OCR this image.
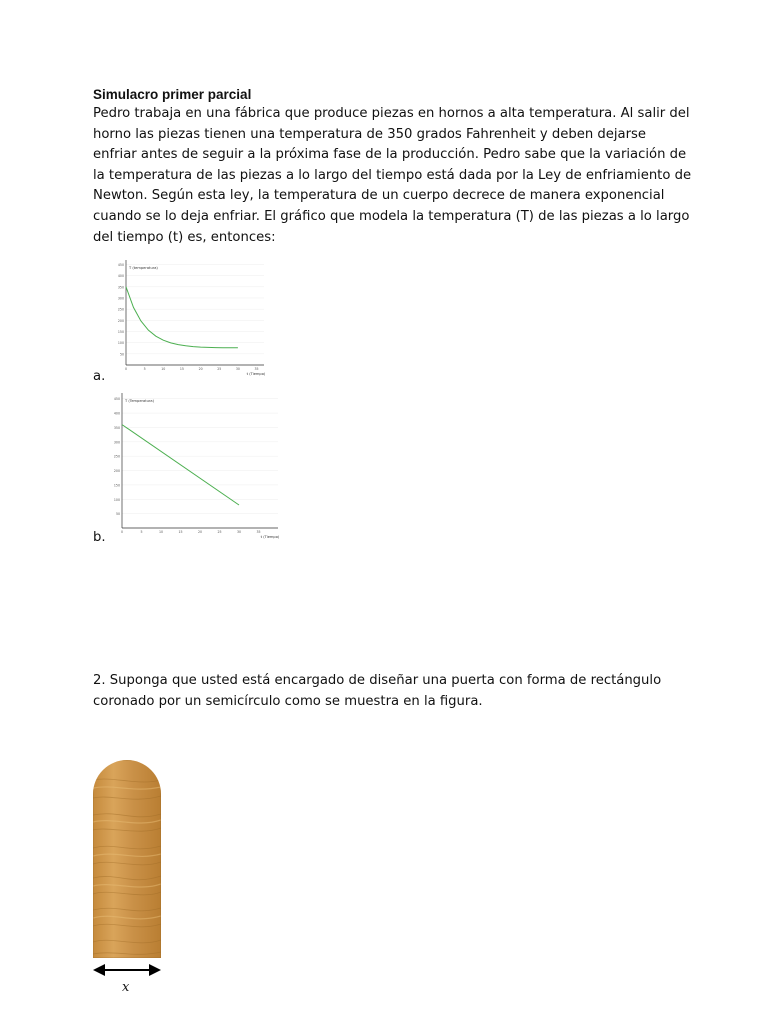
Simulacro primer parcial
Pedro trabaja en una fábrica que produce piezas en hornos a alta temperatura. Al salir del horno las piezas tienen una temperatura de 350 grados Fahrenheit y deben dejarse enfriar antes de seguir a la próxima fase de la producción. Pedro sabe que la variación de la temperatura de las piezas a lo largo del tiempo está dada por la Ley de enfriamiento de Newton. Según esta ley, la temperatura de un cuerpo decrece de manera exponencial cuando se lo deja enfriar. El gráfico que modela la temperatura (T) de las piezas a lo largo del tiempo (t) es, entonces:
50
100
150
200
250
300
350
400
450
0	5	10	15	20	25	30	35
T (temperatura)
t (Tiempo)
a.
50
100
150
200
250
300
350
400
450
0	5	10	15	20	25	30	35
T (Temperatura)
t (Tiempo)
b.
2. Suponga que usted está encargado de diseñar una puerta con forma de rectángulo coronado por un semicírculo como se muestra en la figura.
x
